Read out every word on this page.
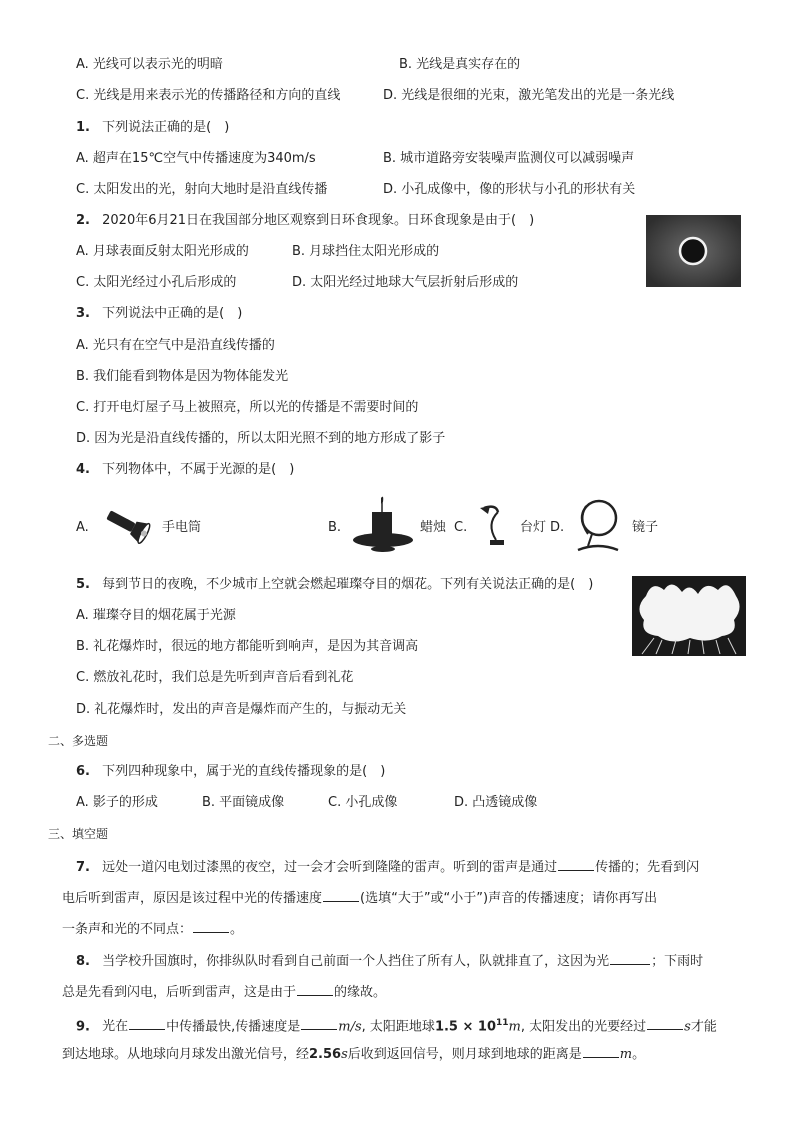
A. 光线可以表示光的明暗	B. 光线是真实存在的
C. 光线是用来表示光的传播路径和方向的直线	D. 光线是很细的光束，激光笔发出的光是一条光线
1. 下列说法正确的是(　)
A. 超声在15℃空气中传播速度为340m/s	B. 城市道路旁安装噪声监测仪可以减弱噪声
C. 太阳发出的光，射向大地时是沿直线传播	D. 小孔成像中，像的形状与小孔的形状有关
2. 2020年6月21日在我国部分地区观察到日环食现象。日环食现象是由于(　)
A. 月球表面反射太阳光形成的	B. 月球挡住太阳光形成的
C. 太阳光经过小孔后形成的	D. 太阳光经过地球大气层折射后形成的
3. 下列说法中正确的是(　)
A. 光只有在空气中是沿直线传播的
B. 我们能看到物体是因为物体能发光
C. 打开电灯屋子马上被照亮，所以光的传播是不需要时间的
D. 因为光是沿直线传播的，所以太阳光照不到的地方形成了影子
4. 下列物体中，不属于光源的是(　)
A.	手电筒	B.	蜡烛 C.	台灯 D.	镜子
5. 每到节日的夜晚，不少城市上空就会燃起璀璨夺目的烟花。下列有关说法正确的是(　)
A. 璀璨夺目的烟花属于光源
B. 礼花爆炸时，很远的地方都能听到响声，是因为其音调高
C. 燃放礼花时，我们总是先听到声音后看到礼花
D. 礼花爆炸时，发出的声音是爆炸而产生的，与振动无关
二、多选题
6. 下列四种现象中，属于光的直线传播现象的是(　)
A. 影子的形成	B. 平面镜成像	C. 小孔成像	D. 凸透镜成像
三、填空题
7. 远处一道闪电划过漆黑的夜空，过一会才会听到隆隆的雷声。听到的雷声是通过	传播的；先看到闪
电后听到雷声，原因是该过程中光的传播速度	(选填“大于”或“小于”)声音的传播速度；请你再写出
一条声和光的不同点：	。
8. 当学校升国旗时，你排纵队时看到自己前面一个人挡住了所有人，队就排直了，这因为光	；下雨时
总是先看到闪电，后听到雷声，这是由于	的缘故。
9. 光在	中传播最快,传播速度是	m/s, 太阳距地球$1.5 \times 10^{11}m$, 太阳发出的光要经过	s才能
到达地球。从地球向月球发出激光信号，经2.56s后收到返回信号，则月球到地球的距离是	m。
